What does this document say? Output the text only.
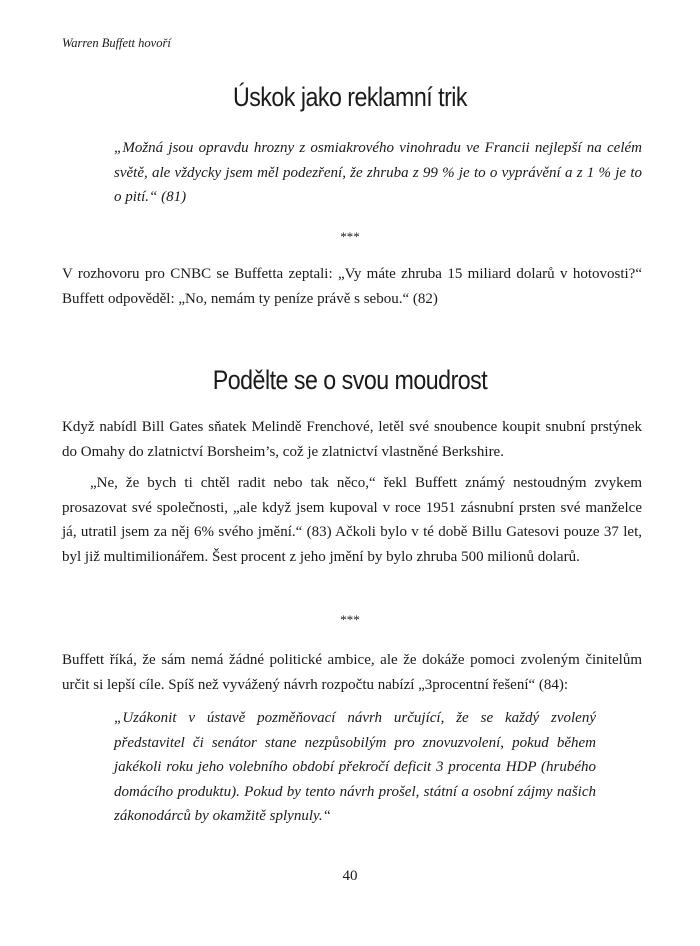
Warren Buffett hovoří
Úskok jako reklamní trik

„Možná jsou opravdu hrozny z osmiakrového vinohradu ve Francii nejlepší na celém světě, ale vždycky jsem měl podezření, že zhruba z 99 % je to o vyprávění a z 1 % je to o pití.“ (81)

***

V rozhovoru pro CNBC se Buffetta zeptali: „Vy máte zhruba 15 miliard dolarů v hotovosti?“ Buffett odpověděl: „No, nemám ty peníze právě s sebou.“ (82)

Podělte se o svou moudrost

Když nabídl Bill Gates sňatek Melindě Frenchové, letěl své snoubence koupit snubní prstýnek do Omahy do zlatnictví Borsheim’s, což je zlatnictví vlastněné Berkshire.

„Ne, že bych ti chtěl radit nebo tak něco,“ řekl Buffett známý nestoudným zvykem prosazovat své společnosti, „ale když jsem kupoval v roce 1951 zásnubní prsten své manželce já, utratil jsem za něj 6% svého jmění.“ (83) Ačkoli bylo v té době Billu Gatesovi pouze 37 let, byl již multimilionářem. Šest procent z jeho jmění by bylo zhruba 500 milionů dolarů.

***

Buffett říká, že sám nemá žádné politické ambice, ale že dokáže pomoci zvoleným činitelům určit si lepší cíle. Spíš než vyvážený návrh rozpočtu nabízí „3procentní řešení“ (84):

„Uzákonit v ústavě pozměňovací návrh určující, že se každý zvolený představitel či senátor stane nezpůsobilým pro znovuzvolení, pokud během jakékoli roku jeho volebního období překročí deficit 3 procenta HDP (hrubého domácího produktu). Pokud by tento návrh prošel, státní a osobní zájmy našich zákonodárců by okamžitě splynuly.“

40
